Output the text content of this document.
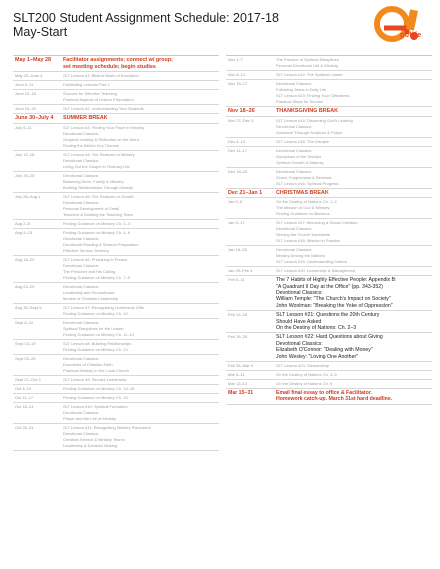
SLT200 Student Assignment Schedule: 2017-18
May-Start	golife
May 1–May 28	Facilitator assignments; connect w/ group;
set meeting schedule; begin studies
May 29–June 4	SLT Lesson #1: Biblical Basis of Education
June 5–11	Facilitating Lessons Part 1
June 12–18	Sources for Effective Teaching
Practical Aspects of Lesson Preparation
June 19–29	SLT Lesson #2: Understanding Your Students
June 30–July 4	SUMMER BREAK
July 5–11	SLT Lesson #3: Finding Your Place in Ministry
Devotional Classics:
Scripture reading & Reflection on the Word
Finding the Bible's Key Themes
July 12–18	SLT Lesson #4: The Seasons of Ministry
Devotional Classics:
Living Out the Gospel in Ordinary Life
July 19–25	Devotional Classics:
Balancing Work, Family & Ministry
Building Relationships Through Ministry
July 26–Aug 1	SLT Lesson #5: The Seasons of Growth
Devotional Classics:
Personal Development of Small
Teachers & Building the Teaching Team
Aug 2–8	Finding Guidance on Ministry Ch. 1–3
Aug 9–15	Finding Guidance on Ministry Ch. 4–6
Devotional Classics:
Devotional Reading & Sermon Preparation
Effective Sermon Delivery
Aug 16–22	SLT Lesson #6: Preparing to Preach
Devotional Classics:
The Preacher and His Calling
Finding Guidance on Ministry Ch. 7–9
Aug 23–29	Devotional Classics:
Leadership and Servanthood
Models of Christian Leadership
Aug 30–Sept 5	SLT Lesson #7: Recognizing Leadership Gifts
Finding Guidance on Ministry Ch. 10
Sept 6–12	Devotional Classics:
Spiritual Disciplines for the Leader
Finding Guidance on Ministry Ch. 11–12
Sept 13–19	SLT Lesson #8: Building Relationships
Finding Guidance on Ministry Ch. 13
Sept 20–26	Devotional Classics:
Essentials of Christian Faith
Practical Ministry in the Local Church
Sept 27–Oct 3	SLT Lesson #9: Servant Leadership
Oct 4–10	Finding Guidance on Ministry Ch. 14–15
Oct 11–17	Finding Guidance on Ministry Ch. 16
Oct 18–24	SLT Lesson #10: Spiritual Formation
Devotional Classics:
Prayer and the Life of Ministry
Oct 25–31	SLT Lesson #11: Recognizing Ministry Placement
Devotional Classics:
Christian Service & Ministry Teams
Leadership & Decision Making
Nov 1–7	The Practice of Spiritual Disciplines
Personal Devotional Life & Ministry
Nov 8–14	SLT Lesson #12: The Spiritual Leader
Nov 15–17	Devotional Classics:
Following Jesus in Daily Life
SLT Lesson #13: Finding Your Giftedness
Practical Steps for Service
Nov 18–26	THANKSGIVING BREAK
Nov 27–Dec 3	SLT Lesson #14: Discerning God's Leading
Devotional Classics:
Guidance Through Scripture & Prayer
Dec 4–10	SLT Lesson #15: The Disciple
Dec 11–17	Devotional Classics:
Disciplines of the Disciple
Spiritual Growth & Maturity
Dec 18–20	Devotional Classics:
Grace, Forgiveness & Renewal
SLT Lesson #16: Spiritual Progress
Dec 21–Jan 1	CHRISTMAS BREAK
Jan 2–8	On the Destiny of Nations Ch. 1–2
The Mission of God & Ministry
Finding Guidance on Missions
Jan 9–17	SLT Lesson #17: Becoming a Global Christian
Devotional Classics:
Serving the Church Worldwide
SLT Lesson #18: Mission in Practice
Jan 18–28	Devotional Classics:
Ministry Among the Nations
SLT Lesson #19: Understanding Culture
Jan 29–Feb 4	SLT Lesson #20: Leadership & Management
Feb 5–11	The 7 Habits of Highly Effective People: Appendix B:
"A Quadrant II Day at the Office" (pp. 343-352)
Devotional Classics:
William Temple: "The Church's Impact on Society"
John Woolman: "Breaking the Yoke of Oppression"
Feb 12–18	SLT Lesson #21: Questions the 20th Century
Should Have Asked
On the Destiny of Nations: Ch. 2–3
Feb 19–25	SLT Lesson #22: Hard Questions about Giving
Devotional Classics:
Elizabeth O'Connor: "Dealing with Money"
John Wesley: "Loving One Another"
Feb 26–Mar 4	SLT Lesson #23: Stewardship
Mar 5–11	On the Destiny of Nations Ch. 4–5
Mar 12–14	On the Destiny of Nations Ch. 6
Mar 15–31	Email final essay to office & Facilitator.
Homework catch-up. March 31st hard deadline.
